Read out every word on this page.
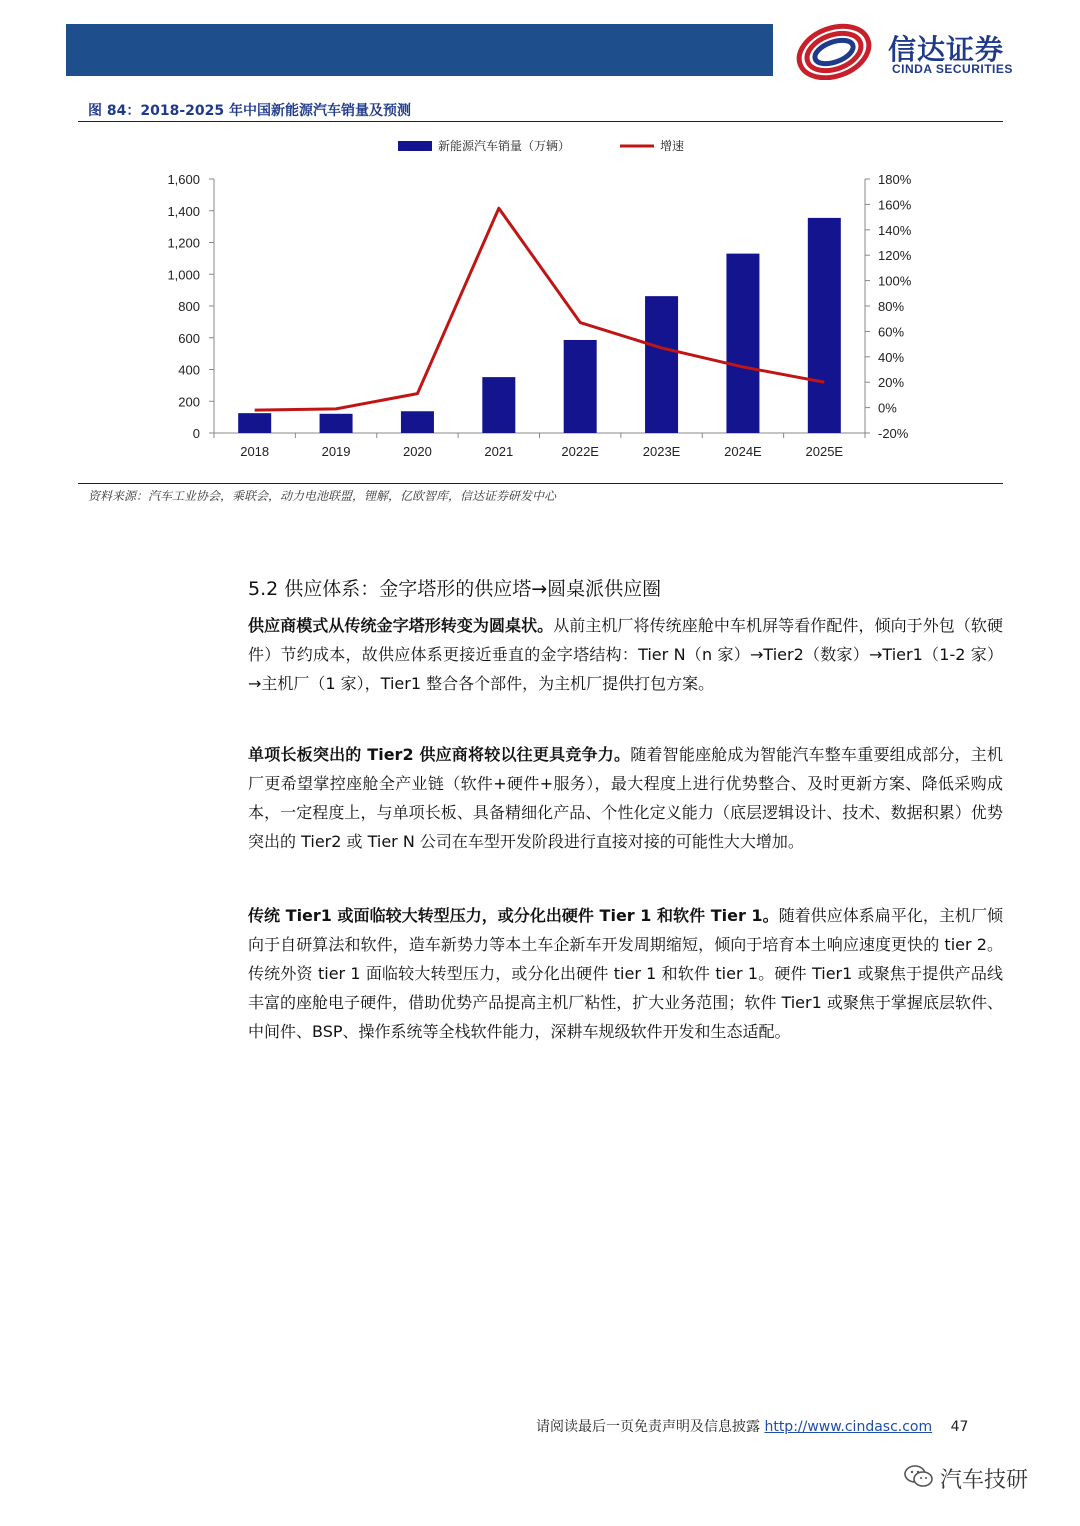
信达证券
CINDA SECURITIES
图 84：2018-2025 年中国新能源汽车销量及预测
0
200
400
600
800
1,000
1,200
1,400
1,600
-20%
0%
20%
40%
60%
80%
100%
120%
140%
160%
180%
2018	2019	2020	2021	2022E	2023E	2024E	2025E
新能源汽车销量（万辆）	增速
资料来源：汽车工业协会，乘联会，动力电池联盟，锂解，亿欧智库，信达证券研发中心
5.2 供应体系：金字塔形的供应塔→圆桌派供应圈
供应商模式从传统金字塔形转变为圆桌状。从前主机厂将传统座舱中车机屏等看作配件，倾向于外包（软硬件）节约成本，故供应体系更接近垂直的金字塔结构：Tier N（n 家）→Tier2（数家）→Tier1（1-2 家）→主机厂（1 家），Tier1 整合各个部件，为主机厂提供打包方案。
单项长板突出的 Tier2 供应商将较以往更具竞争力。随着智能座舱成为智能汽车整车重要组成部分，主机厂更希望掌控座舱全产业链（软件+硬件+服务），最大程度上进行优势整合、及时更新方案、降低采购成本，一定程度上，与单项长板、具备精细化产品、个性化定义能力（底层逻辑设计、技术、数据积累）优势突出的 Tier2 或 Tier N 公司在车型开发阶段进行直接对接的可能性大大增加。
传统 Tier1 或面临较大转型压力，或分化出硬件 Tier 1 和软件 Tier 1。随着供应体系扁平化，主机厂倾向于自研算法和软件，造车新势力等本土车企新车开发周期缩短，倾向于培育本土响应速度更快的 tier 2。传统外资 tier 1 面临较大转型压力，或分化出硬件 tier 1 和软件 tier 1。硬件 Tier1 或聚焦于提供产品线丰富的座舱电子硬件，借助优势产品提高主机厂粘性，扩大业务范围；软件 Tier1 或聚焦于掌握底层软件、中间件、BSP、操作系统等全栈软件能力，深耕车规级软件开发和生态适配。
请阅读最后一页免责声明及信息披露 http://www.cindasc.com 47
汽车技研
